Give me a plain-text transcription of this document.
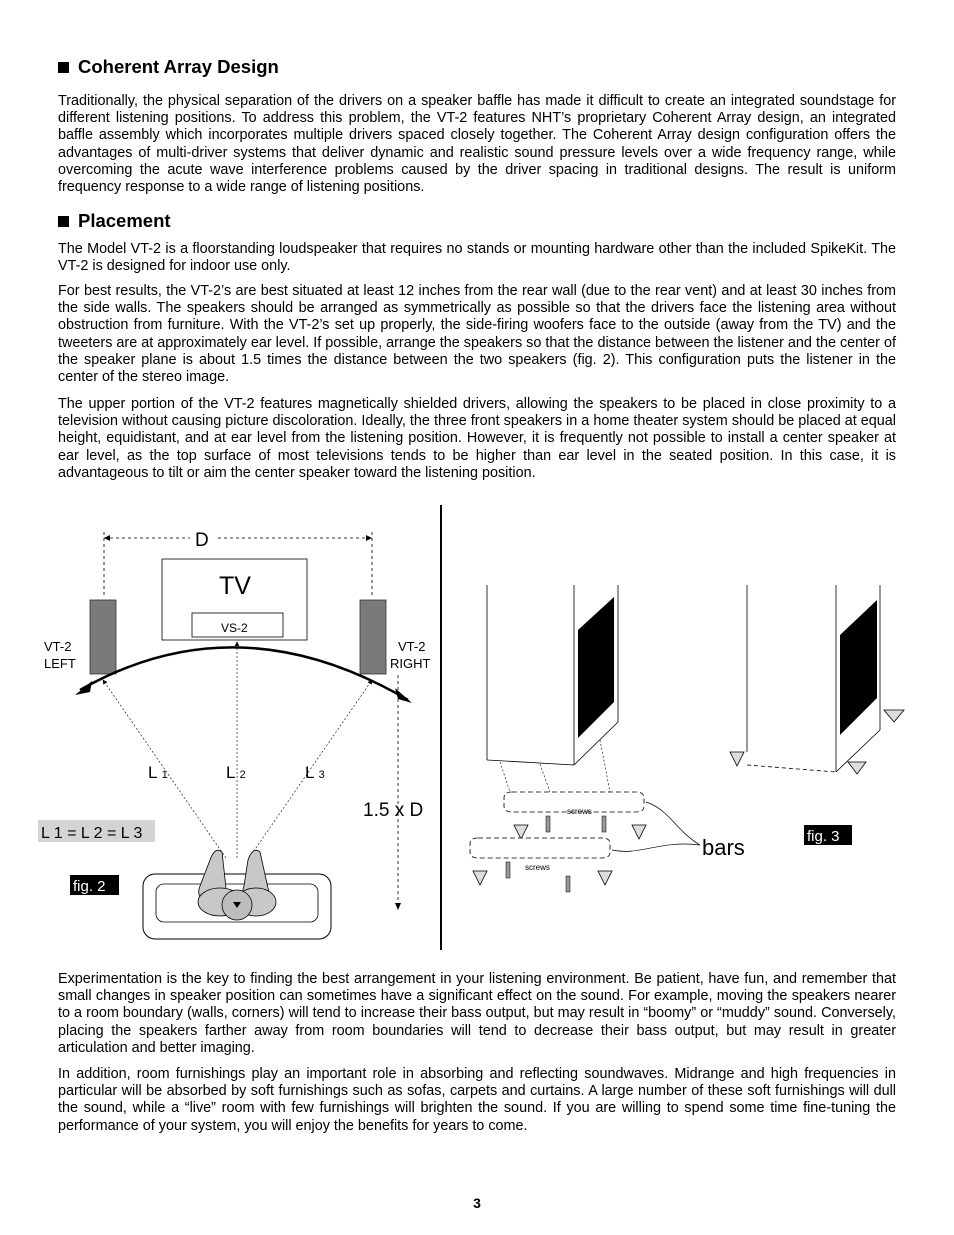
Coherent Array Design
Traditionally, the physical separation of the drivers on a speaker baffle has made it difficult to create an integrated soundstage for different listening positions. To address this problem, the VT-2 features NHT’s proprietary Coherent Array design, an integrated baffle assembly which incorporates multiple drivers spaced closely together. The Coherent Array design configuration offers the advantages of multi-driver systems that deliver dynamic and realistic sound pressure levels over a wide frequency range, while overcoming the acute wave interference problems caused by the driver spacing in traditional designs. The result is uniform frequency response to a wide range of listening positions.
Placement
The Model VT-2 is a floorstanding loudspeaker that requires no stands or mounting hardware other than the included SpikeKit. The VT-2 is designed for indoor use only.
For best results, the VT-2’s are best situated at least 12 inches from the rear wall (due to the rear vent) and at least 30 inches from the side walls. The speakers should be arranged as symmetrically as possible so that the drivers face the listening area without obstruction from furniture. With the VT-2’s set up properly, the side-firing woofers face to the outside (away from the TV) and the tweeters are at approximately ear level. If possible, arrange the speakers so that the distance between the listener and the center of the speaker plane is about 1.5 times the distance between the two speakers (fig. 2). This configuration puts the listener in the center of the stereo image.
The upper portion of the VT-2 features magnetically shielded drivers, allowing the speakers to be placed in close proximity to a television without causing picture discoloration. Ideally, the three front speakers in a home theater system should be placed at equal height, equidistant, and at ear level from the listening position. However, it is frequently not possible to install a center speaker at ear level, as the top surface of most televisions tends to be higher than ear level in the seated position. In this case, it is advantageous to tilt or aim the center speaker toward the listening position.
D
TV
VS-2
VT-2
LEFT
VT-2
RIGHT
L 1	L 2	L 3
1.5 x D
L 1 = L 2 = L 3
fig. 2
screws
screws
bars	fig. 3
Experimentation is the key to finding the best arrangement in your listening environment. Be patient, have fun, and remember that small changes in speaker position can sometimes have a significant effect on the sound. For example, moving the speakers nearer to a room boundary (walls, corners) will tend to increase their bass output, but may result in “boomy” or “muddy” sound. Conversely, placing the speakers farther away from room boundaries will tend to decrease their bass output, but may result in greater articulation and better imaging.
In addition, room furnishings play an important role in absorbing and reflecting soundwaves. Midrange and high frequencies in particular will be absorbed by soft furnishings such as sofas, carpets and curtains. A large number of these soft furnishings will dull the sound, while a “live” room with few furnishings will brighten the sound. If you are willing to spend some time fine-tuning the performance of your system, you will enjoy the benefits for years to come.
3
